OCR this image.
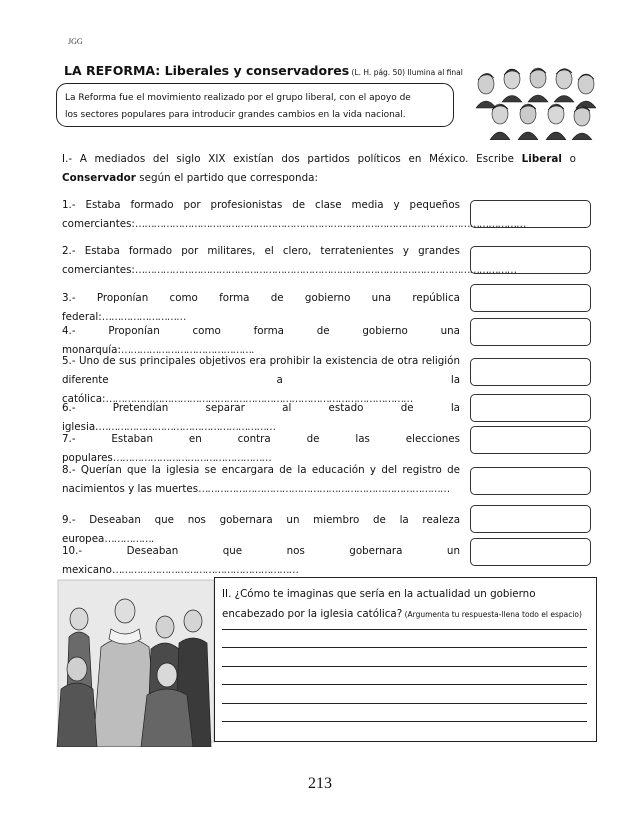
JGG
LA REFORMA: Liberales y conservadores (L. H. pág. 50) Ilumina al final
La Reforma fue el movimiento realizado por el grupo liberal, con el apoyo de
los sectores populares para introducir grandes cambios en la vida nacional.
I.- A mediados del siglo XIX existían dos partidos políticos en México. Escribe Liberal o Conservador según el partido que corresponda:
1.- Estaba formado por profesionistas de clase media y pequeños comerciantes:………………………………………………………………………………………………………………
2.- Estaba formado por militares, el clero, terratenientes y grandes comerciantes:……………………………………………………………………………………………………………
3.- Proponían como forma de gobierno una república federal:………………………
4.- Proponían como forma de gobierno una monarquía:…………………………………….
5.- Uno de sus principales objetivos era prohibir la existencia de otra religión diferente a la católica:………………………………………………………………………………………
6.- Pretendían separar al estado de la iglesia.…………………………………………………
7.- Estaban en contra de las elecciones populares……………………………………………
8.- Querían que la iglesia se encargara de la educación y del registro de nacimientos y las muertes………………………………………………………………………
9.- Deseaban que nos gobernara un miembro de la realeza europea…………….
10.- Deseaban que nos gobernara un mexicano……………………………………………………
II. ¿Cómo te imaginas que sería en la actualidad un gobierno encabezado por la iglesia católica? (Argumenta tu respuesta-llena todo el espacio)
213
